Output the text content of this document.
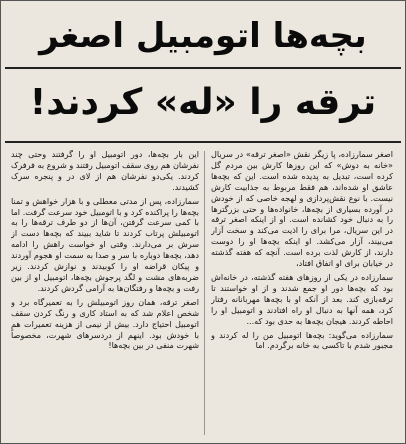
بچه‌ها اتومبیل اصغر
ترقه را «له» کردند!

اصغر سمارزاده، پا زیگر نقش «اصغر ترقه» در سریال «خانه به دوش» که این روزها کارش بین مردم گل کرده است، تبدیل به پدیده شده است. این که بچه‌ها عاشق او شده‌اند، هم فقط مربوط به جذابیت کارش نیست. با نوع نقش‌پردازی و لهجه خاصی که از خودش در آورده بسیاری از بچه‌ها، خانواده‌ها و حتی بزرگترها را به دنبال خود کشانده است. او از اینکه اصغر ترقه در این سریال، مرا برای را اذیت می‌کند و سخت آزار می‌بیند، آزار می‌کشد. او اینکه بچه‌ها او را دوست دارند، از کارش لذت برده است. آنچه که هفته گذشته در خیابان برای او اتفاق افتاد،

سمارزاده در یکی از روزهای هفته گذشته، در خانه‌اش بود که بچه‌ها دور او جمع شدند و از او خواستند تا ترقه‌بازی کند. بعد از آنکه او با بچه‌ها مهربانانه رفتار کرد، همه آنها به دنبال او راه افتادند و اتومبیل او را احاطه کردند. هیجان بچه‌ها به حدی بود که...

سمارزاده می‌گوید: بچه‌ها اتومبیل من را له کردند و مجبور شدم با تاکسی به خانه برگردم. اما

این بار بچه‌ها، دور اتومبیل او را گرفتند وحتی چند نفرشان هم روی سقف اتومبیل رفتند و شروع به فرفرک کردند. یکی‌دو نفرشان هم از لای در و پنجره سرک کشیدند.

سمارزاده، پس از مدتی معطلی و با هزار خواهش و تمنا بچه‌ها را پراکنده کرد و با اتومبیل خود سرعت گرفت. اما با کمی سرعت گرفتن، آن‌ها از دو طرف ترقه‌ها را به اتومبیلش پرتاب کردند تا شاید ببیند که بچه‌ها دست از سرش بر می‌دارند. وقتی او خواست راهش را ادامه دهد، بچه‌ها دوباره با سر و صدا به سمت او هجوم آوردند و پیکان قراضه او را کوبیدند و نوازش کردند. زیر ضربه‌های مشت و لگد پرجوش بچه‌ها، اتومبیل او از بین رفت و بچه‌ها و رفتگان‌ها به آرامی گردش کردند.

اصغر ترقه، همان روز اتومبیلش را به تعمیرگاه برد و شخص اعلام شد که به استاد کاری و رنگ کردن سقف اتومبیل احتیاج دارد. بیش از نیمی از هزینه تعمیرات هم با خودش بود. اینهم از دردسرهای شهرت، مخصوصاً شهرت منفی در بین بچه‌ها!
